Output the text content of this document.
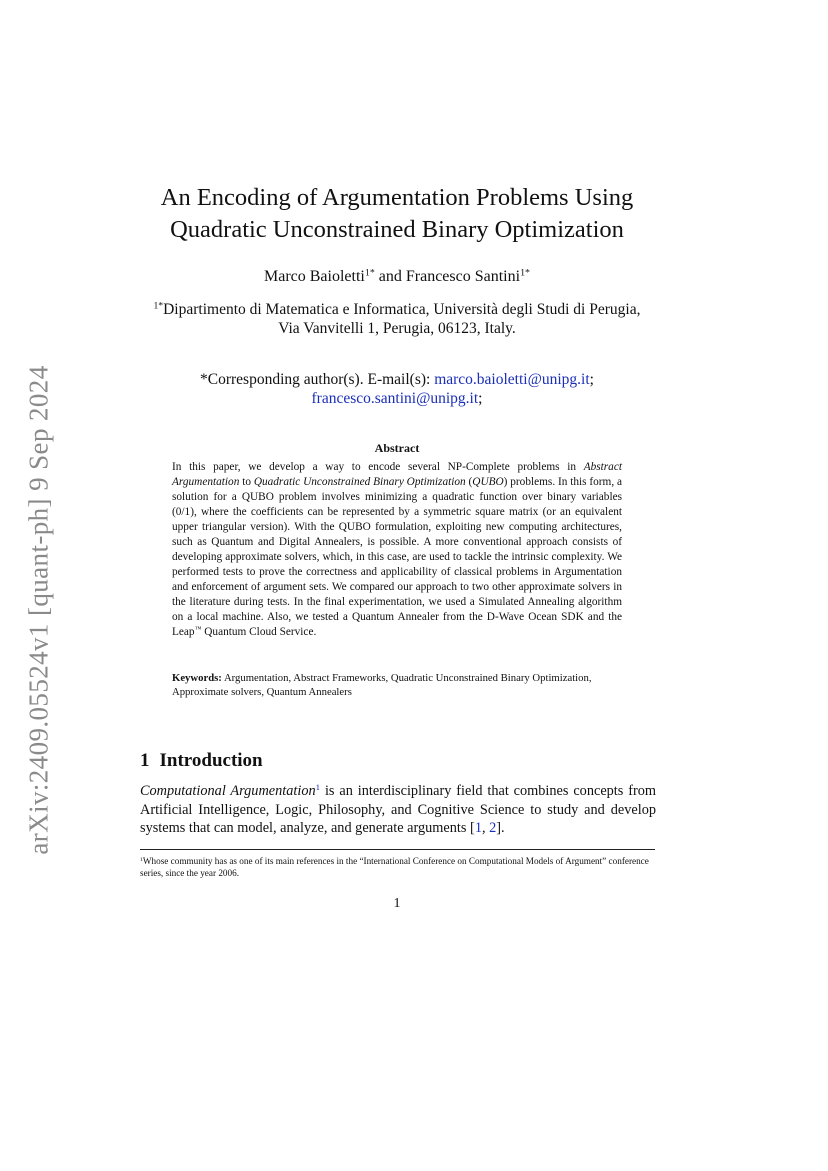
arXiv:2409.05524v1 [quant-ph] 9 Sep 2024
An Encoding of Argumentation Problems Using
Quadratic Unconstrained Binary Optimization
Marco Baioletti$^{1*}$ and Francesco Santini$^{1*}$
$^{1*}$Dipartimento di Matematica e Informatica, Università degli Studi di Perugia,
Via Vanvitelli 1, Perugia, 06123, Italy.
*Corresponding author(s). E-mail(s): marco.baioletti@unipg.it;
francesco.santini@unipg.it;
Abstract
In this paper, we develop a way to encode several NP-Complete problems in Abstract Argumentation to Quadratic Unconstrained Binary Optimization (QUBO) problems. In this form, a solution for a QUBO problem involves minimizing a quadratic function over binary variables (0/1), where the coefficients can be represented by a symmetric square matrix (or an equivalent upper triangular version). With the QUBO formulation, exploiting new computing architectures, such as Quantum and Digital Annealers, is possible. A more conventional approach consists of developing approximate solvers, which, in this case, are used to tackle the intrinsic complexity. We performed tests to prove the correctness and applicability of classical problems in Argumentation and enforcement of argument sets. We compared our approach to two other approximate solvers in the literature during tests. In the final experimentation, we used a Simulated Annealing algorithm on a local machine. Also, we tested a Quantum Annealer from the D-Wave Ocean SDK and the Leap™ Quantum Cloud Service.
Keywords: Argumentation, Abstract Frameworks, Quadratic Unconstrained Binary Optimization, Approximate solvers, Quantum Annealers
1 Introduction
Computational Argumentation$^1$ is an interdisciplinary field that combines concepts from Artificial Intelligence, Logic, Philosophy, and Cognitive Science to study and develop systems that can model, analyze, and generate arguments [1, 2].
$^1$Whose community has as one of its main references in the “International Conference on Computational Models of Argument” conference series, since the year 2006.
1
